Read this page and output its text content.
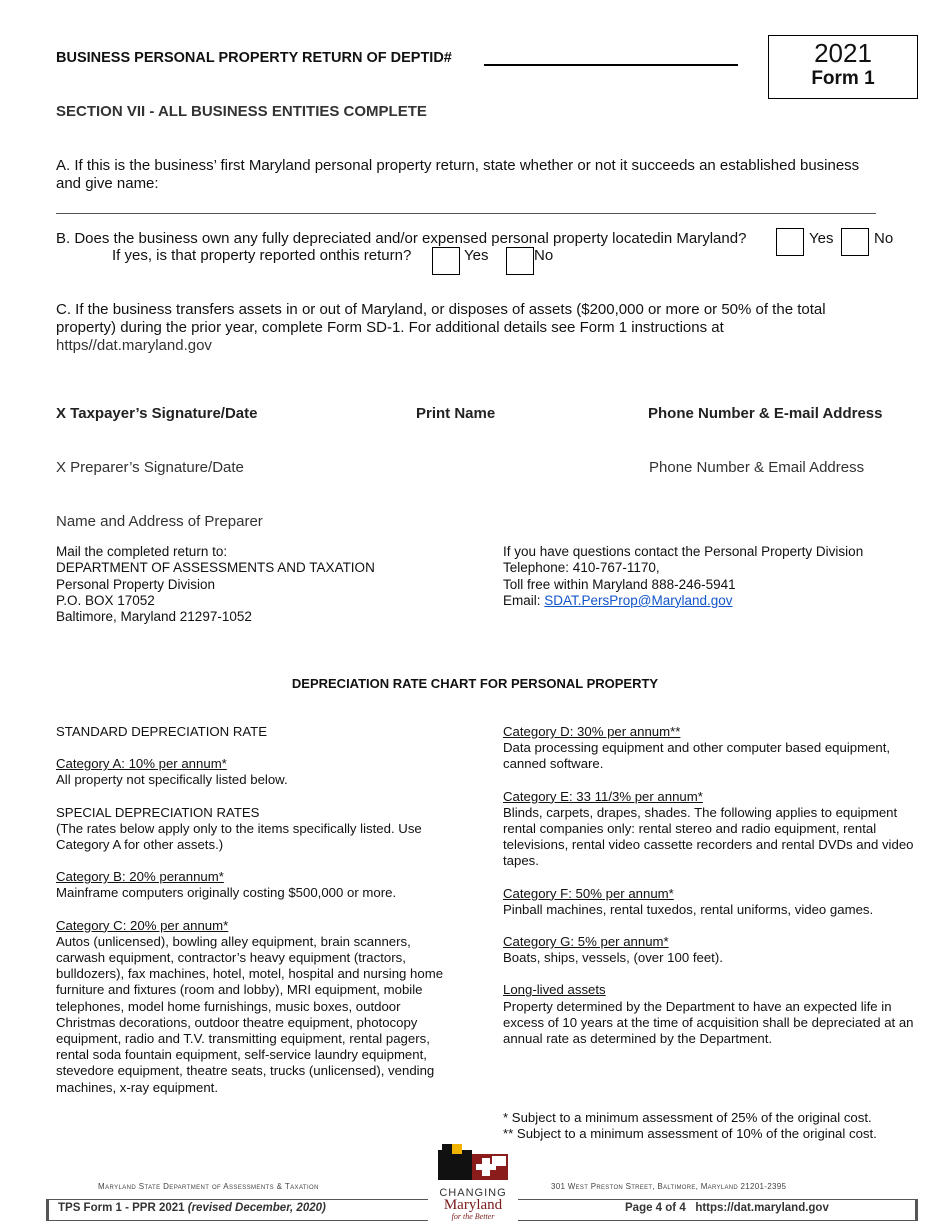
BUSINESS PERSONAL PROPERTY RETURN OF DEPTID#	2021
Form 1
SECTION VII - ALL BUSINESS ENTITIES COMPLETE
A. If this is the business’ first Maryland personal property return, state whether or not it succeeds an established business and give name:
B. Does the business own any fully depreciated and/or expensed personal property locatedin Maryland?	Yes	No
If yes, is that property reported onthis return?	Yes	No
C. If the business transfers assets in or out of Maryland, or disposes of assets ($200,000 or more or 50% of the total property) during the prior year, complete Form SD-1. For additional details see Form 1 instructions at
https//dat.maryland.gov
X Taxpayer’s Signature/Date	Print Name	Phone Number & E-mail Address
X Preparer’s Signature/Date	Phone Number & Email Address
Name and Address of Preparer
Mail the completed return to:
DEPARTMENT OF ASSESSMENTS AND TAXATION
Personal Property Division
P.O. BOX 17052
Baltimore, Maryland 21297-1052
If you have questions contact the Personal Property Division
Telephone: 410-767-1170,
Toll free within Maryland 888-246-5941
Email: SDAT.PersProp@Maryland.gov
DEPRECIATION RATE CHART FOR PERSONAL PROPERTY

STANDARD DEPRECIATION RATE

Category A: 10% per annum*
All property not specifically listed below.

SPECIAL DEPRECIATION RATES
(The rates below apply only to the items specifically listed. Use Category A for other assets.)

Category B: 20% perannum*
Mainframe computers originally costing $500,000 or more.

Category C: 20% per annum*
Autos (unlicensed), bowling alley equipment, brain scanners, carwash equipment, contractor’s heavy equipment (tractors, bulldozers), fax machines, hotel, motel, hospital and nursing home furniture and fixtures (room and lobby), MRI equipment, mobile telephones, model home furnishings, music boxes, outdoor Christmas decorations, outdoor theatre equipment, photocopy equipment, radio and T.V. transmitting equipment, rental pagers, rental soda fountain equipment, self-service laundry equipment, stevedore equipment, theatre seats, trucks (unlicensed), vending machines, x-ray equipment.

Category D: 30% per annum**
Data processing equipment and other computer based equipment, canned software.

Category E: 33 11/3% per annum*
Blinds, carpets, drapes, shades. The following applies to equipment rental companies only: rental stereo and radio equipment, rental televisions, rental video cassette recorders and rental DVDs and video tapes.

Category F: 50% per annum*
Pinball machines, rental tuxedos, rental uniforms, video games.

Category G: 5% per annum*
Boats, ships, vessels, (over 100 feet).

Long-lived assets
Property determined by the Department to have an expected life in excess of 10 years at the time of acquisition shall be depreciated at an annual rate as determined by the Department.

* Subject to a minimum assessment of 25% of the original cost.
** Subject to a minimum assessment of 10% of the original cost.
Maryland State Department of Assessments & Taxation	301 West Preston Street, Baltimore, Maryland 21201-2395
TPS Form 1 - PPR 2021 (revised December, 2020)	Page 4 of 4 https://dat.maryland.gov
CHANGING
Maryland
for the Better
